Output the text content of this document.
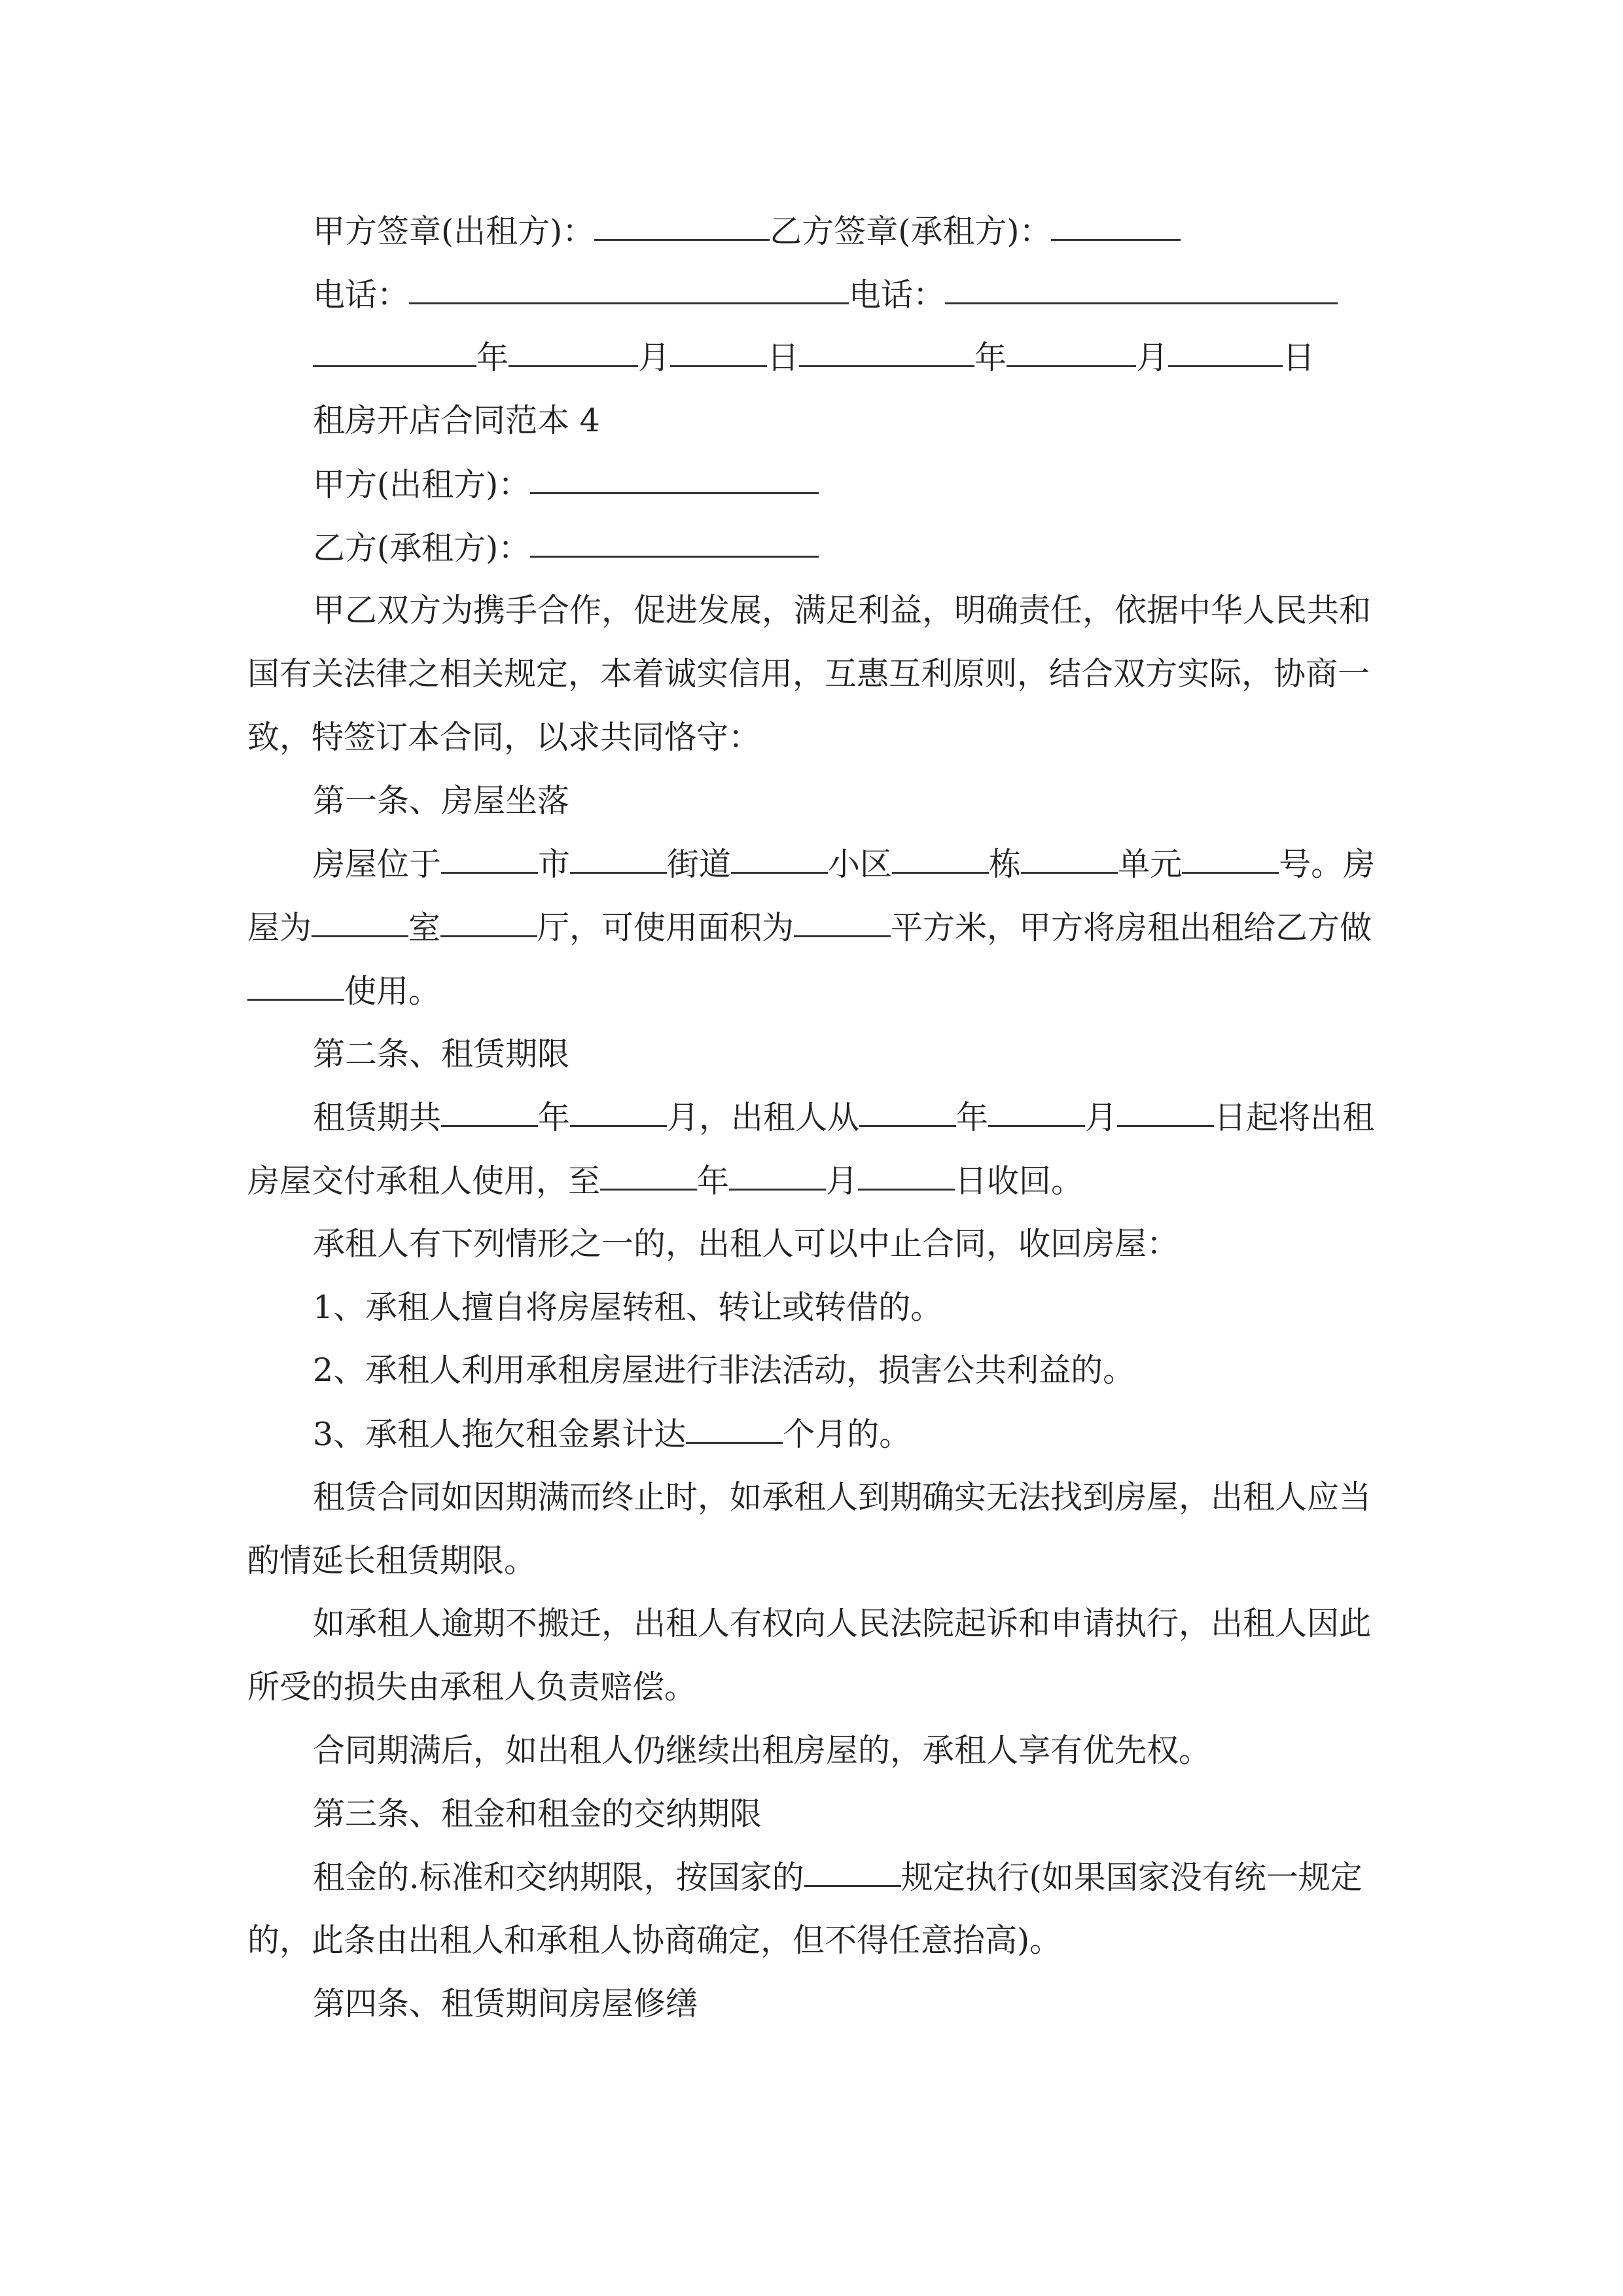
甲方签章(出租方)：	乙方签章(承租方)：
电话：	电话：
年	月	日	年	月	日
租房开店合同范本 4
甲方(出租方)：
乙方(承租方)：
甲乙双方为携手合作，促进发展，满足利益，明确责任，依据中华人民共和
国有关法律之相关规定，本着诚实信用，互惠互利原则，结合双方实际，协商一
致，特签订本合同，以求共同恪守：
第一条、房屋坐落
房屋位于	市	街道	小区	栋	单元	号。房
屋为	室	厅，可使用面积为	平方米，甲方将房租出租给乙方做
使用。
第二条、租赁期限
租赁期共	年	月，出租人从	年	月	日起将出租
房屋交付承租人使用，至	年	月	日收回。
承租人有下列情形之一的，出租人可以中止合同，收回房屋：
1、承租人擅自将房屋转租、转让或转借的。
2、承租人利用承租房屋进行非法活动，损害公共利益的。
3、承租人拖欠租金累计达	个月的。
租赁合同如因期满而终止时，如承租人到期确实无法找到房屋，出租人应当
酌情延长租赁期限。
如承租人逾期不搬迁，出租人有权向人民法院起诉和申请执行，出租人因此
所受的损失由承租人负责赔偿。
合同期满后，如出租人仍继续出租房屋的，承租人享有优先权。
第三条、租金和租金的交纳期限
租金的.标准和交纳期限，按国家的	规定执行(如果国家没有统一规定
的，此条由出租人和承租人协商确定，但不得任意抬高)。
第四条、租赁期间房屋修缮
